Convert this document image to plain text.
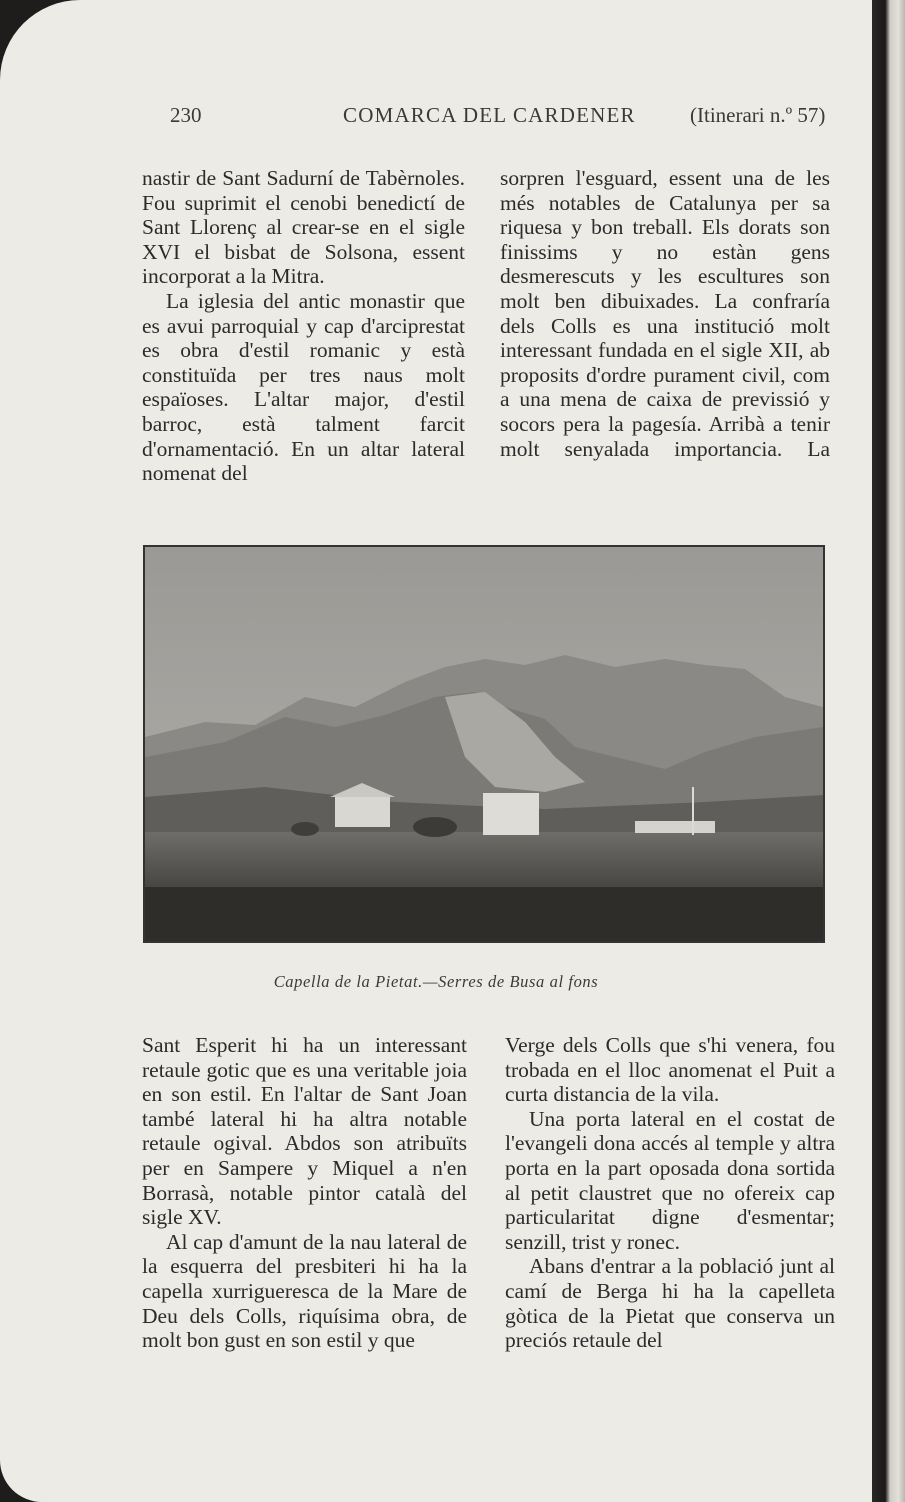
230	COMARCA DEL CARDENER	(Itinerari n.º 57)

nastir de Sant Sadurní de Tabèrnoles. Fou suprimit el cenobi benedictí de Sant Llorenç al crear-se en el sigle XVI el bisbat de Solsona, essent incorporat a la Mitra.

La iglesia del antic monastir que es avui parroquial y cap d'arciprestat es obra d'estil romanic y està constituïda per tres naus molt espaïoses. L'altar major, d'estil barroc, està talment farcit d'ornamentació. En un altar lateral nomenat del

sorpren l'esguard, essent una de les més notables de Catalunya per sa riquesa y bon treball. Els dorats son finissims y no estàn gens desmerescuts y les escultures son molt ben dibuixades. La confraría dels Colls es una institució molt interessant fundada en el sigle XII, ab proposits d'ordre purament civil, com a una mena de caixa de previssió y socors pera la pagesía. Arribà a tenir molt senyalada importancia. La

Capella de la Pietat.—Serres de Busa al fons

Sant Esperit hi ha un interessant retaule gotic que es una veritable joia en son estil. En l'altar de Sant Joan també lateral hi ha altra notable retaule ogival. Abdos son atribuïts per en Sampere y Miquel a n'en Borrasà, notable pintor català del sigle XV.

Al cap d'amunt de la nau lateral de la esquerra del presbiteri hi ha la capella xurrigueresca de la Mare de Deu dels Colls, riquísima obra, de molt bon gust en son estil y que

Verge dels Colls que s'hi venera, fou trobada en el lloc anomenat el Puit a curta distancia de la vila.

Una porta lateral en el costat de l'evangeli dona accés al temple y altra porta en la part oposada dona sortida al petit claustret que no ofereix cap particularitat digne d'esmentar; senzill, trist y ronec.

Abans d'entrar a la població junt al camí de Berga hi ha la capelleta gòtica de la Pietat que conserva un preciós retaule del
